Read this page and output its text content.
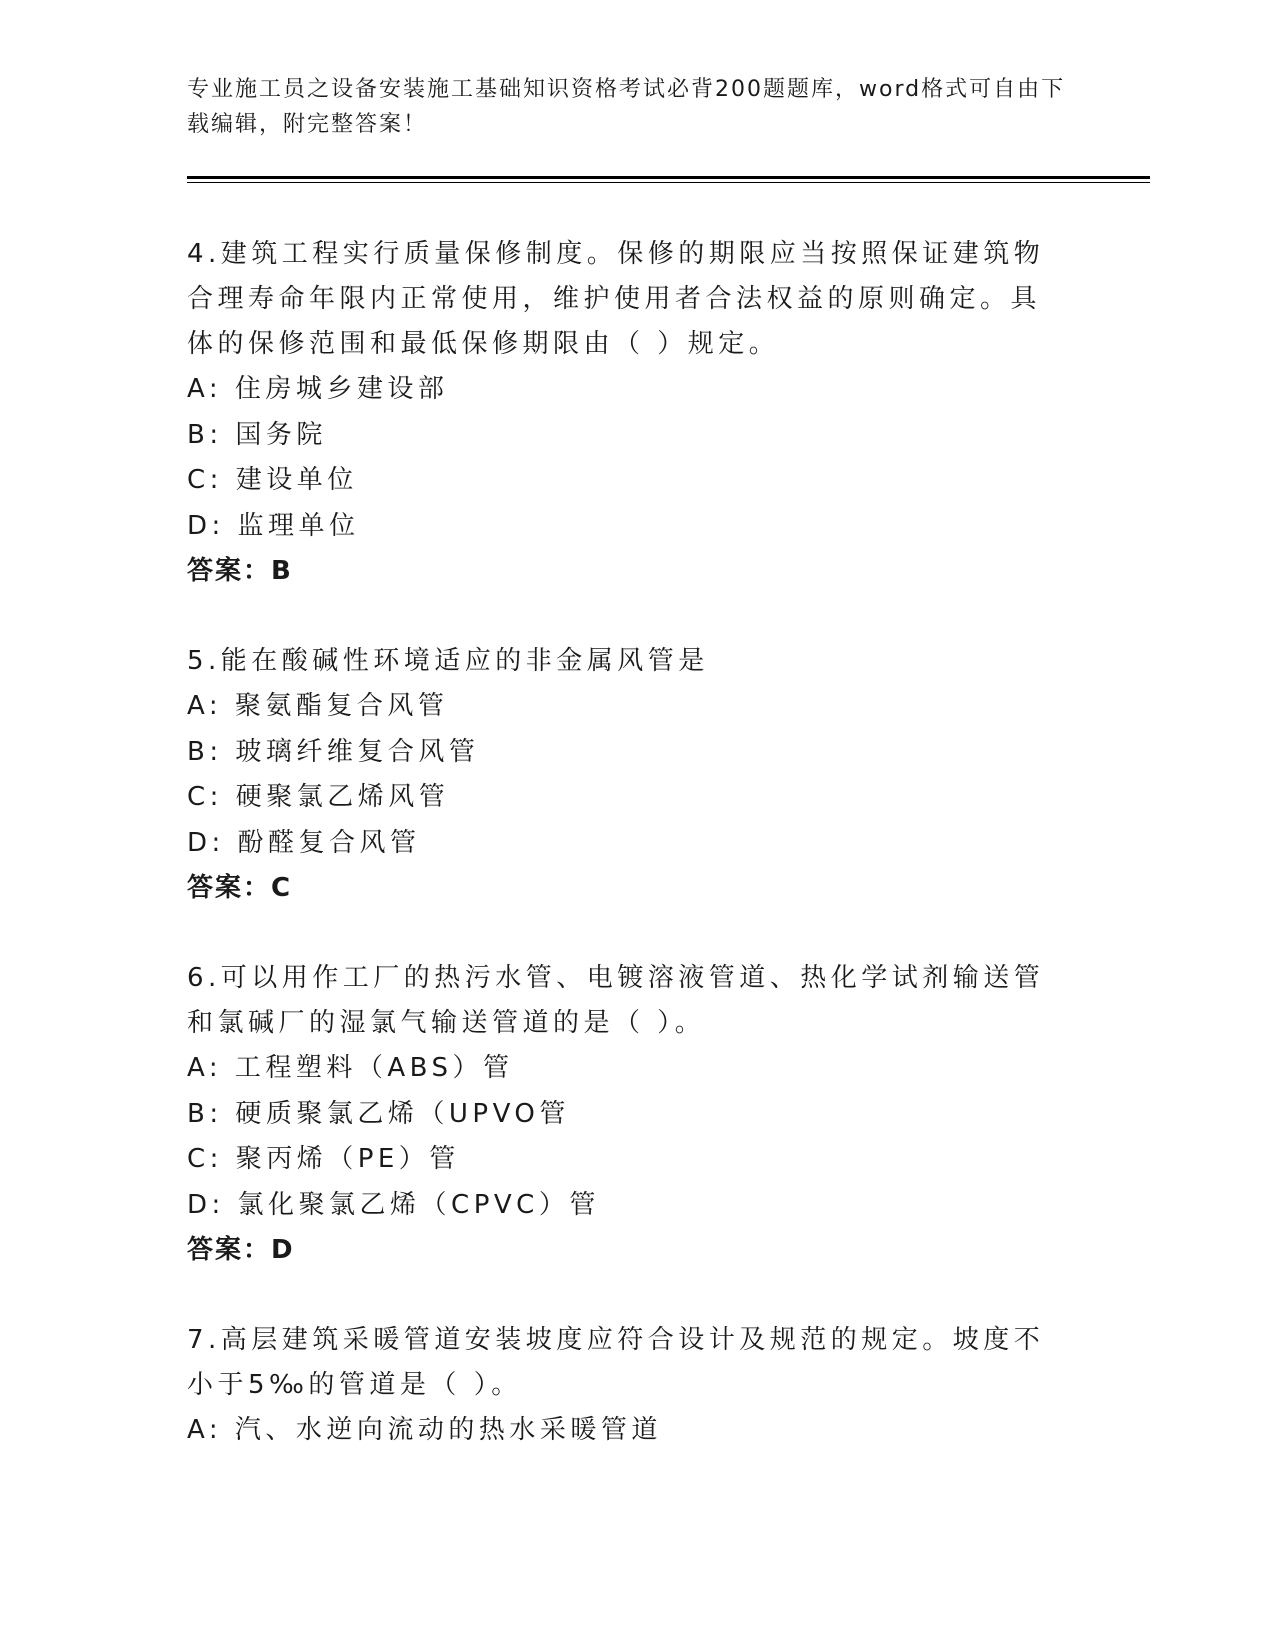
专业施工员之设备安装施工基础知识资格考试必背200题题库，word格式可自由下载编辑，附完整答案！
4.建筑工程实行质量保修制度。保修的期限应当按照保证建筑物合理寿命年限内正常使用，维护使用者合法权益的原则确定。具体的保修范围和最低保修期限由（ ）规定。
A: 住房城乡建设部
B: 国务院
C: 建设单位
D: 监理单位
答案：B
5.能在酸碱性环境适应的非金属风管是
A: 聚氨酯复合风管
B: 玻璃纤维复合风管
C: 硬聚氯乙烯风管
D: 酚醛复合风管
答案：C
6.可以用作工厂的热污水管、电镀溶液管道、热化学试剂输送管和氯碱厂的湿氯气输送管道的是（ ）。
A: 工程塑料（ABS）管
B: 硬质聚氯乙烯（UPVO管
C: 聚丙烯（PE）管
D: 氯化聚氯乙烯（CPVC）管
答案：D
7.高层建筑采暖管道安装坡度应符合设计及规范的规定。坡度不小于5‰的管道是（ ）。
A: 汽、水逆向流动的热水采暖管道
